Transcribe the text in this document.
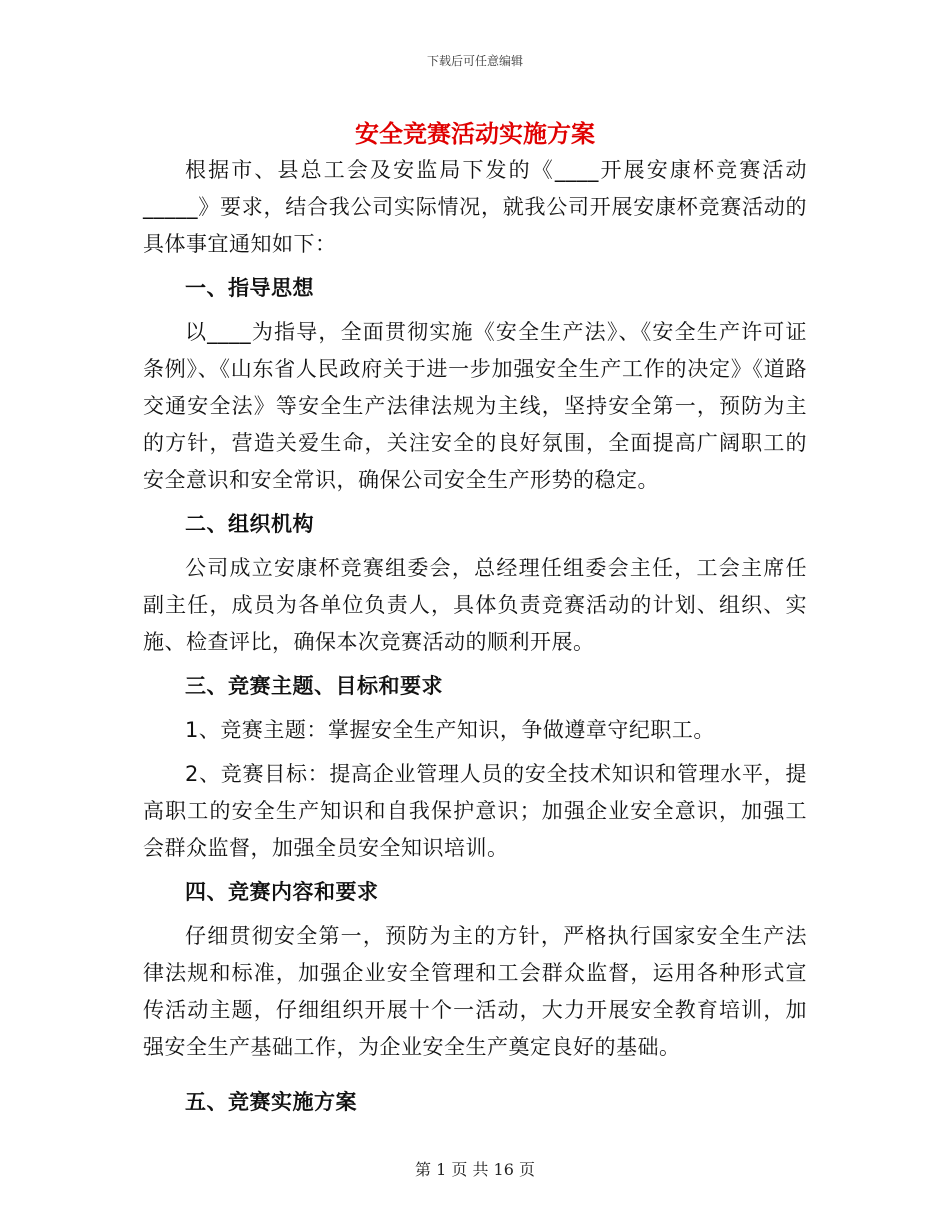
下载后可任意编辑
安全竞赛活动实施方案

根据市、县总工会及安监局下发的《____开展安康杯竞赛活动_____》要求，结合我公司实际情况，就我公司开展安康杯竞赛活动的具体事宜通知如下：

一、指导思想

以____为指导，全面贯彻实施《安全生产法》、《安全生产许可证条例》、《山东省人民政府关于进一步加强安全生产工作的决定》《道路交通安全法》等安全生产法律法规为主线，坚持安全第一，预防为主的方针，营造关爱生命，关注安全的良好氛围，全面提高广阔职工的安全意识和安全常识，确保公司安全生产形势的稳定。

二、组织机构

公司成立安康杯竞赛组委会，总经理任组委会主任，工会主席任副主任，成员为各单位负责人，具体负责竞赛活动的计划、组织、实施、检查评比，确保本次竞赛活动的顺利开展。

三、竞赛主题、目标和要求

1、竞赛主题：掌握安全生产知识，争做遵章守纪职工。

2、竞赛目标：提高企业管理人员的安全技术知识和管理水平，提高职工的安全生产知识和自我保护意识；加强企业安全意识，加强工会群众监督，加强全员安全知识培训。

四、竞赛内容和要求

仔细贯彻安全第一，预防为主的方针，严格执行国家安全生产法律法规和标准，加强企业安全管理和工会群众监督，运用各种形式宣传活动主题，仔细组织开展十个一活动，大力开展安全教育培训，加强安全生产基础工作，为企业安全生产奠定良好的基础。

五、竞赛实施方案

第 1 页 共 16 页
